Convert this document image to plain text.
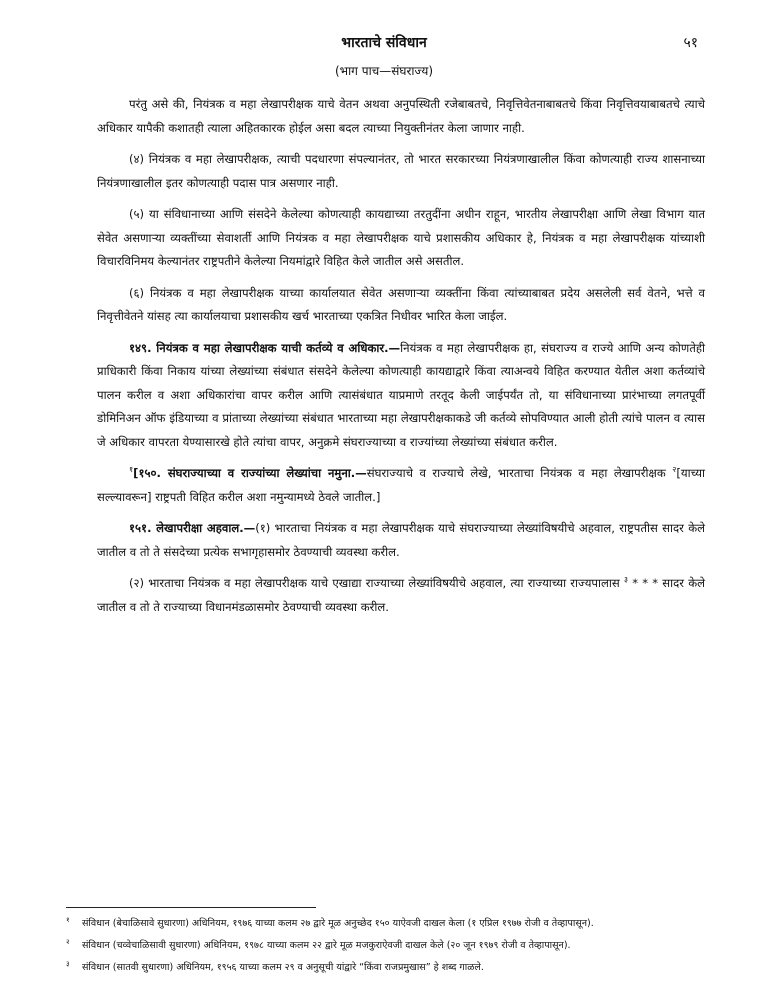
भारताचे संविधान	५१
(भाग पाच—संघराज्य)

परंतु असे की, नियंत्रक व महा लेखापरीक्षक याचे वेतन अथवा अनुपस्थिती रजेबाबतचे, निवृत्तिवेतनाबाबतचे किंवा निवृत्तिवयाबाबतचे त्याचे अधिकार यापैकी कशातही त्याला अहितकारक होईल असा बदल त्याच्या नियुक्तीनंतर केला जाणार नाही.

(४) नियंत्रक व महा लेखापरीक्षक, त्याची पदधारणा संपल्यानंतर, तो भारत सरकारच्या नियंत्रणाखालील किंवा कोणत्याही राज्य शासनाच्या नियंत्रणाखालील इतर कोणत्याही पदास पात्र असणार नाही.

(५) या संविधानाच्या आणि संसदेने केलेल्या कोणत्याही कायद्याच्या तरतुदींना अधीन राहून, भारतीय लेखापरीक्षा आणि लेखा विभाग यात सेवेत असणाऱ्या व्यक्तींच्या सेवाशर्ती आणि नियंत्रक व महा लेखापरीक्षक याचे प्रशासकीय अधिकार हे, नियंत्रक व महा लेखापरीक्षक यांच्याशी विचारविनिमय केल्यानंतर राष्ट्रपतीने केलेल्या नियमांद्वारे विहित केले जातील असे असतील.

(६) नियंत्रक व महा लेखापरीक्षक याच्या कार्यालयात सेवेत असणाऱ्या व्यक्तींना किंवा त्यांच्याबाबत प्रदेय असलेली सर्व वेतने, भत्ते व निवृत्तीवेतने यांसह त्या कार्यालयाचा प्रशासकीय खर्च भारताच्या एकत्रित निधीवर भारित केला जाईल.

१४९. नियंत्रक व महा लेखापरीक्षक याची कर्तव्ये व अधिकार.—नियंत्रक व महा लेखापरीक्षक हा, संघराज्य व राज्ये आणि अन्य कोणतेही प्राधिकारी किंवा निकाय यांच्या लेख्यांच्या संबंधात संसदेने केलेल्या कोणत्याही कायद्याद्वारे किंवा त्याअन्वये विहित करण्यात येतील अशा कर्तव्यांचे पालन करील व अशा अधिकारांचा वापर करील आणि त्यासंबंधात याप्रमाणे तरतूद केली जाईपर्यंत तो, या संविधानाच्या प्रारंभाच्या लगतपूर्वी डोमिनिअन ऑफ इंडियाच्या व प्रांताच्या लेख्यांच्या संबंधात भारताच्या महा लेखापरीक्षकाकडे जी कर्तव्ये सोपविण्यात आली होती त्यांचे पालन व त्यास जे अधिकार वापरता येण्यासारखे होते त्यांचा वापर, अनुक्रमे संघराज्याच्या व राज्यांच्या लेख्यांच्या संबंधात करील.

$^१$[१५०. संघराज्याच्या व राज्यांच्या लेख्यांचा नमुना.—संघराज्याचे व राज्याचे लेखे, भारताचा नियंत्रक व महा लेखापरीक्षक $^२$[याच्या सल्ल्यावरून] राष्ट्रपती विहित करील अशा नमुन्यामध्ये ठेवले जातील.]

१५१. लेखापरीक्षा अहवाल.—(१) भारताचा नियंत्रक व महा लेखापरीक्षक याचे संघराज्याच्या लेख्यांविषयीचे अहवाल, राष्ट्रपतीस सादर केले जातील व तो ते संसदेच्या प्रत्येक सभागृहासमोर ठेवण्याची व्यवस्था करील.

(२) भारताचा नियंत्रक व महा लेखापरीक्षक याचे एखाद्या राज्याच्या लेख्यांविषयीचे अहवाल, त्या राज्याच्या राज्यपालास $^३$ * * * सादर केले जातील व तो ते राज्याच्या विधानमंडळासमोर ठेवण्याची व्यवस्था करील.

१ संविधान (बेचाळिसावे सुधारणा) अधिनियम, १९७६ याच्या कलम २७ द्वारे मूळ अनुच्छेद १५० याऐवजी दाखल केला (१ एप्रिल १९७७ रोजी व तेव्हापासून).
२ संविधान (चव्वेचाळिसावी सुधारणा) अधिनियम, १९७८ याच्या कलम २२ द्वारे मूळ मजकुराऐवजी दाखल केले (२० जून १९७९ रोजी व तेव्हापासून).
३ संविधान (सातवी सुधारणा) अधिनियम, १९५६ याच्या कलम २९ व अनुसूची यांद्वारे “किंवा राजप्रमुखास” हे शब्द गाळले.
